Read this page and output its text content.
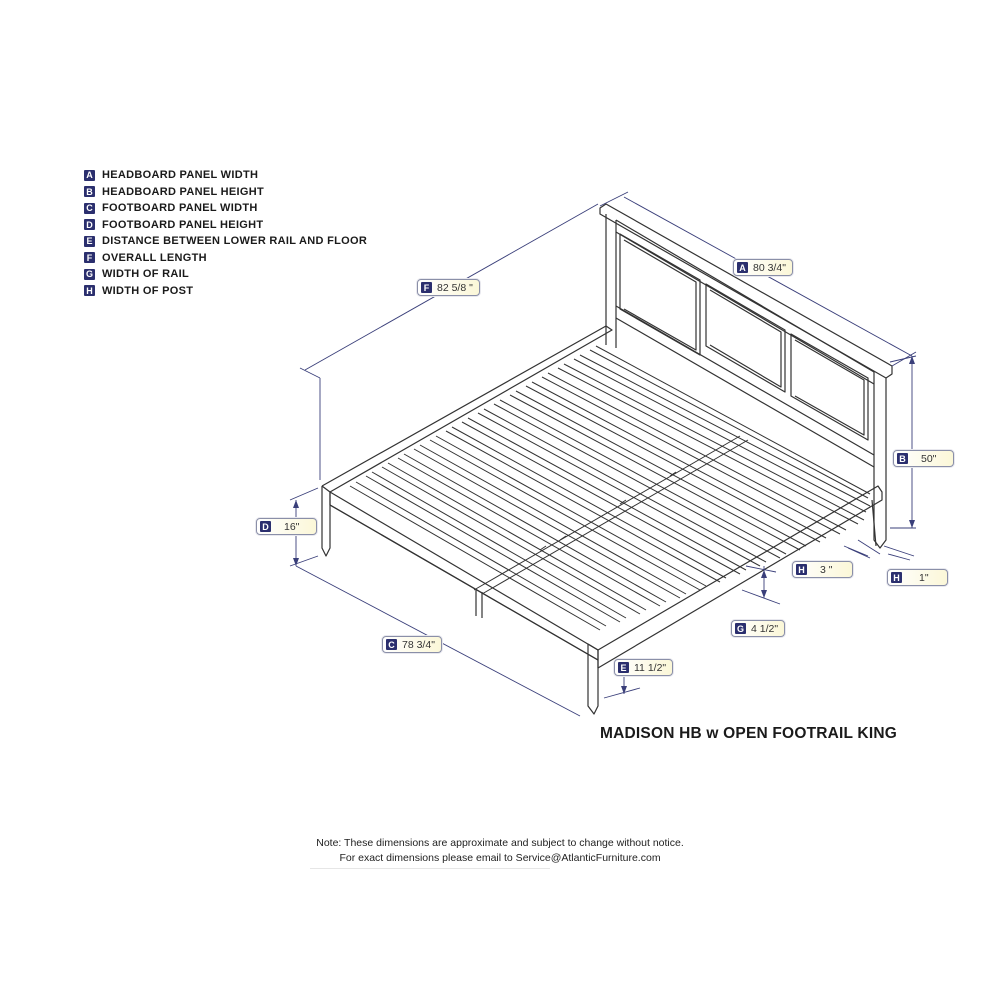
A HEADBOARD PANEL WIDTH
B HEADBOARD PANEL HEIGHT
C FOOTBOARD PANEL WIDTH
D FOOTBOARD PANEL HEIGHT
E DISTANCE BETWEEN LOWER RAIL AND FLOOR
F OVERALL LENGTH
G WIDTH OF RAIL
H WIDTH OF POST
A 80 3/4"
F 82 5/8 "
B 50"
D 16"
H 3 "
H 1"
G 4 1/2"
C 78 3/4"
E 11 1/2"
MADISON HB w OPEN FOOTRAIL KING
Note: These dimensions are approximate and subject to change without notice.
For exact dimensions please email to Service@AtlanticFurniture.com
